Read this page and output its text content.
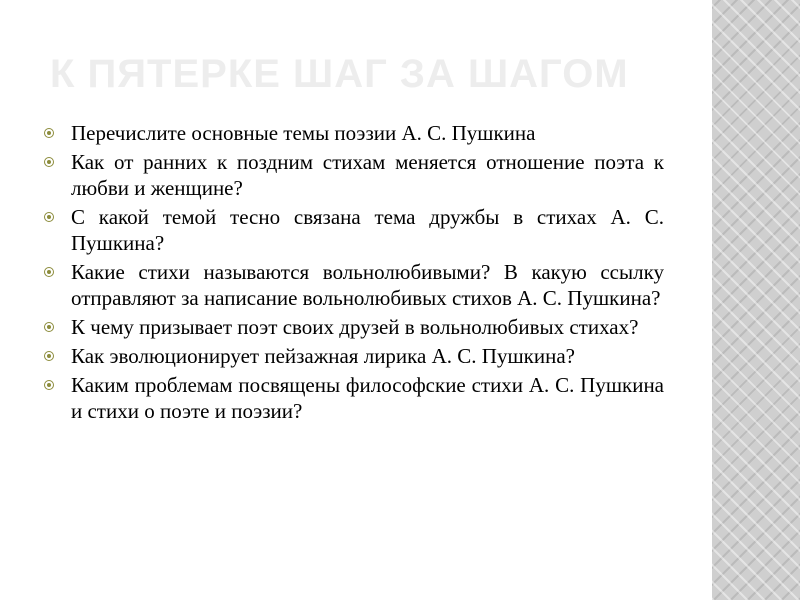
К ПЯТЕРКЕ ШАГ ЗА ШАГОМ
Перечислите основные темы поэзии А. С. Пушкина
Как от ранних к поздним стихам меняется отношение поэта к любви и женщине?
С какой темой тесно связана тема дружбы в стихах А. С. Пушкина?
Какие стихи называются вольнолюбивыми? В какую ссылку отправляют за написание вольнолюбивых стихов А. С. Пушкина?
К чему призывает поэт своих друзей в вольнолюбивых стихах?
Как эволюционирует пейзажная лирика А. С. Пушкина?
Каким проблемам посвящены философские стихи А. С. Пушкина и стихи о поэте и поэзии?
